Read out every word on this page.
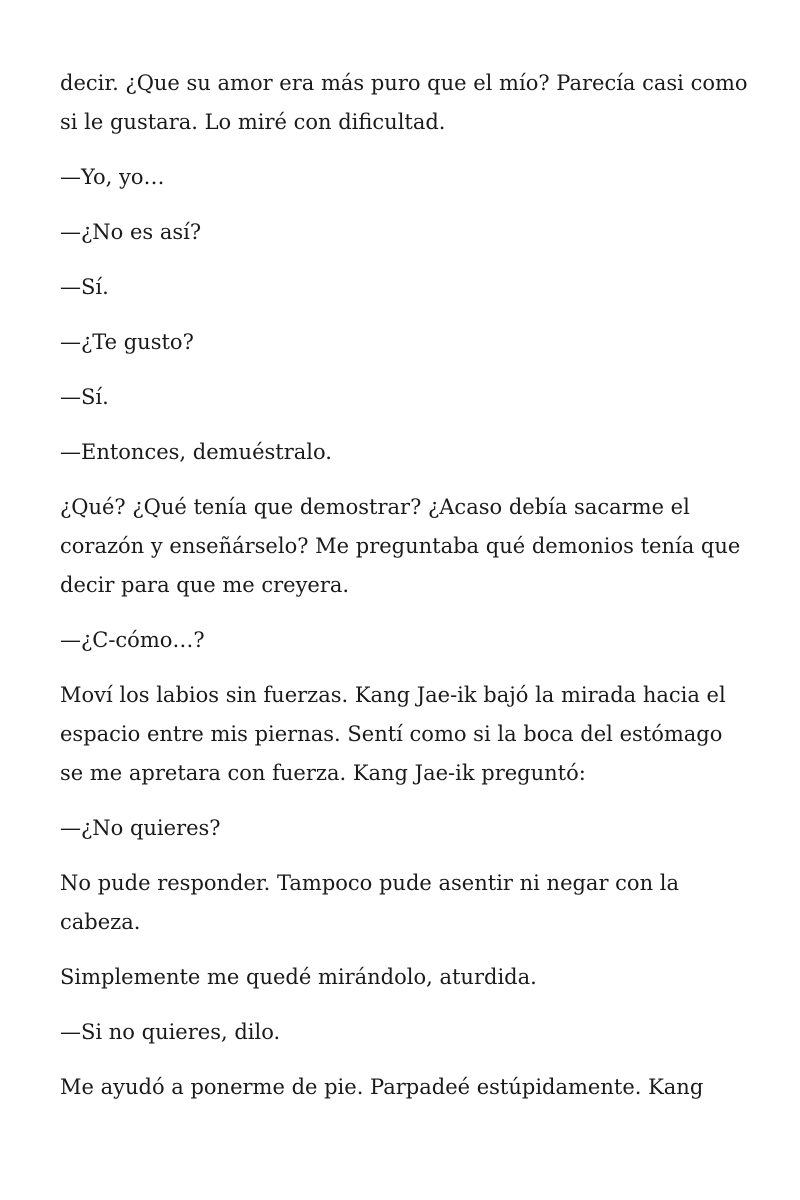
decir. ¿Que su amor era más puro que el mío? Parecía casi como si le gustara. Lo miré con dificultad.

—Yo, yo…

—¿No es así?

—Sí.

—¿Te gusto?

—Sí.

—Entonces, demuéstralo.

¿Qué? ¿Qué tenía que demostrar? ¿Acaso debía sacarme el corazón y enseñárselo? Me preguntaba qué demonios tenía que decir para que me creyera.

—¿C-cómo…?

Moví los labios sin fuerzas. Kang Jae-ik bajó la mirada hacia el espacio entre mis piernas. Sentí como si la boca del estómago se me apretara con fuerza. Kang Jae-ik preguntó:

—¿No quieres?

No pude responder. Tampoco pude asentir ni negar con la cabeza.

Simplemente me quedé mirándolo, aturdida.

—Si no quieres, dilo.

Me ayudó a ponerme de pie. Parpadeé estúpidamente. Kang
